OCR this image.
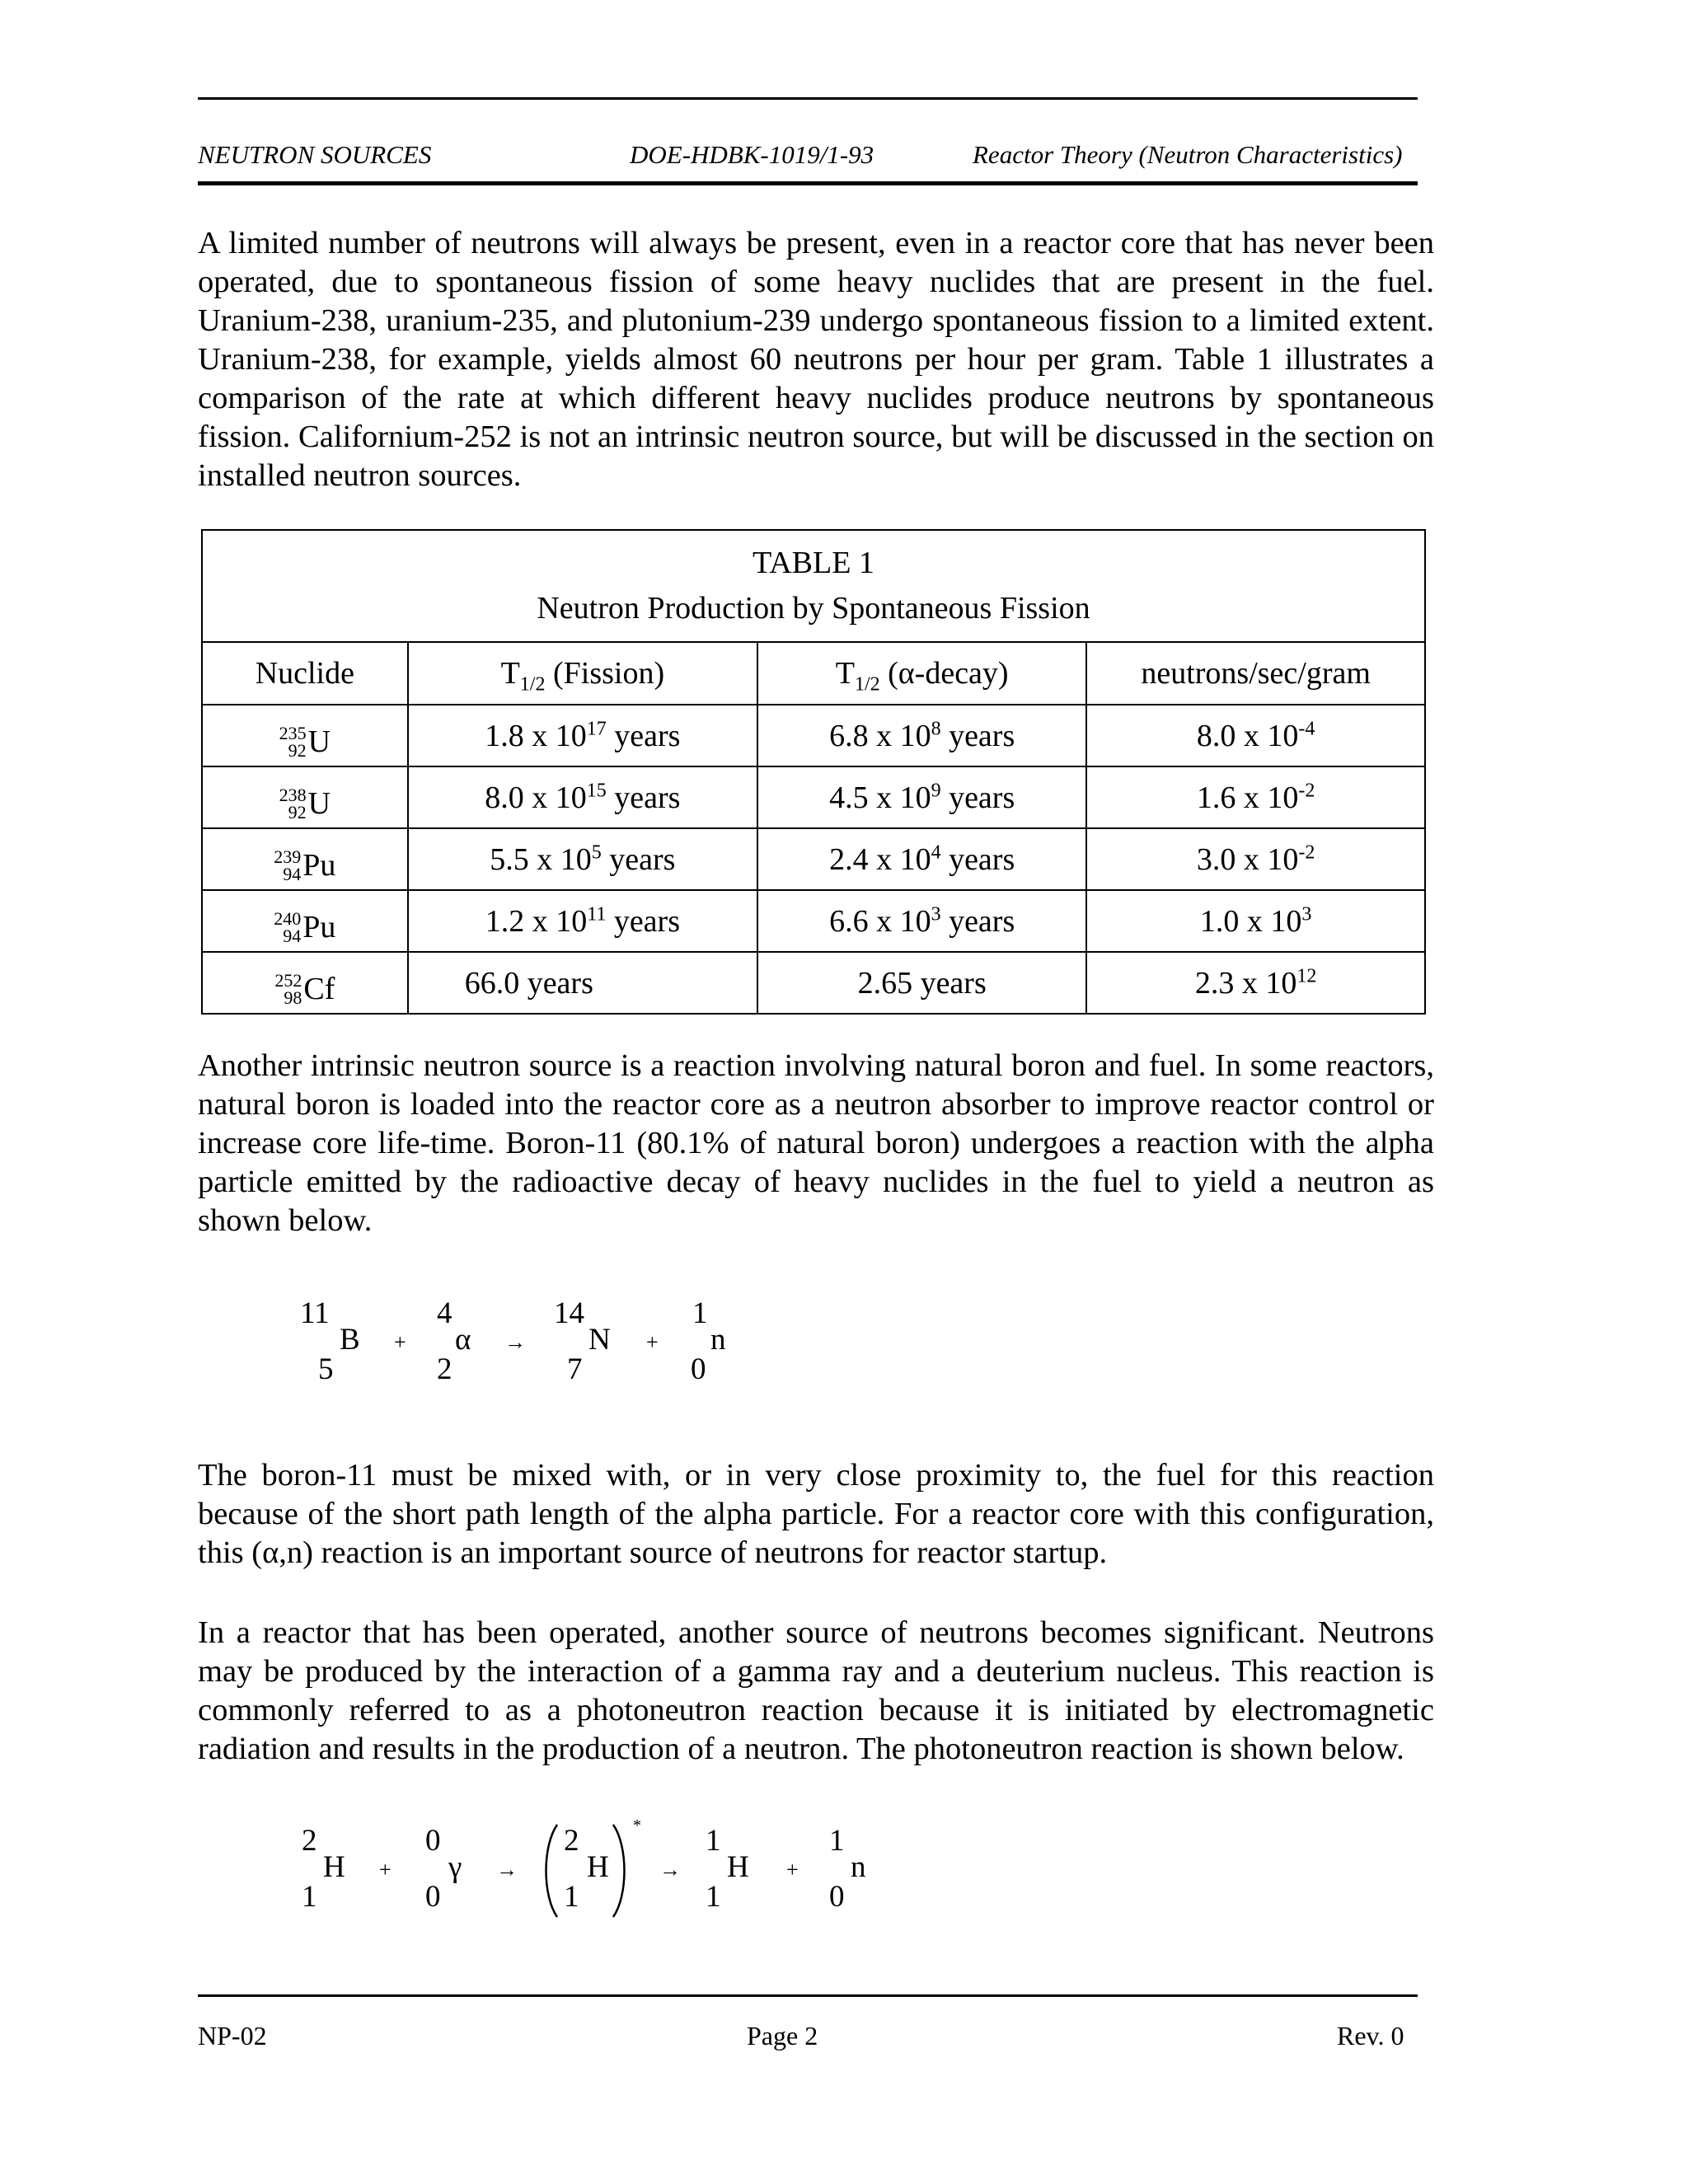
NEUTRON SOURCES	DOE-HDBK-1019/1-93	Reactor Theory (Neutron Characteristics)

A limited number of neutrons will always be present, even in a reactor core that has never been operated, due to spontaneous fission of some heavy nuclides that are present in the fuel. Uranium-238, uranium-235, and plutonium-239 undergo spontaneous fission to a limited extent. Uranium-238, for example, yields almost 60 neutrons per hour per gram. Table 1 illustrates a comparison of the rate at which different heavy nuclides produce neutrons by spontaneous fission. Californium-252 is not an intrinsic neutron source, but will be discussed in the section on installed neutron sources.

TABLE 1
Neutron Production by Spontaneous Fission			

Nuclide	$T_{1/2}$ (Fission)	$T_{1/2}$ (α-decay)	neutrons/sec/gram

235
92 U	1.8 x $10^{17}$ years	6.8 x $10^8$ years	8.0 x $10^{-4}$

238
92 U	8.0 x $10^{15}$ years	4.5 x $10^9$ years	1.6 x $10^{-2}$

239
94 Pu	5.5 x $10^5$ years	2.4 x $10^4$ years	3.0 x $10^{-2}$

240
94 Pu	1.2 x $10^{11}$ years	6.6 x $10^3$ years	1.0 x $10^3$

252
98 Cf	66.0 years	2.65 years	2.3 x $10^{12}$

Another intrinsic neutron source is a reaction involving natural boron and fuel. In some reactors, natural boron is loaded into the reactor core as a neutron absorber to improve reactor control or increase core life-time. Boron-11 (80.1% of natural boron) undergoes a reaction with the alpha particle emitted by the radioactive decay of heavy nuclides in the fuel to yield a neutron as shown below.

11
B
5
+
4
α
2
→
14
N
7
+
1
n
0

The boron-11 must be mixed with, or in very close proximity to, the fuel for this reaction because of the short path length of the alpha particle. For a reactor core with this configuration, this (α,n) reaction is an important source of neutrons for reactor startup.

In a reactor that has been operated, another source of neutrons becomes significant. Neutrons may be produced by the interaction of a gamma ray and a deuterium nucleus. This reaction is commonly referred to as a photoneutron reaction because it is initiated by electromagnetic radiation and results in the production of a neutron. The photoneutron reaction is shown below.

2
H
1
+
0
γ
0
→
2
H
1
*
→
1
H
1
+
1
n
0
NP-02	Page 2	Rev. 0
